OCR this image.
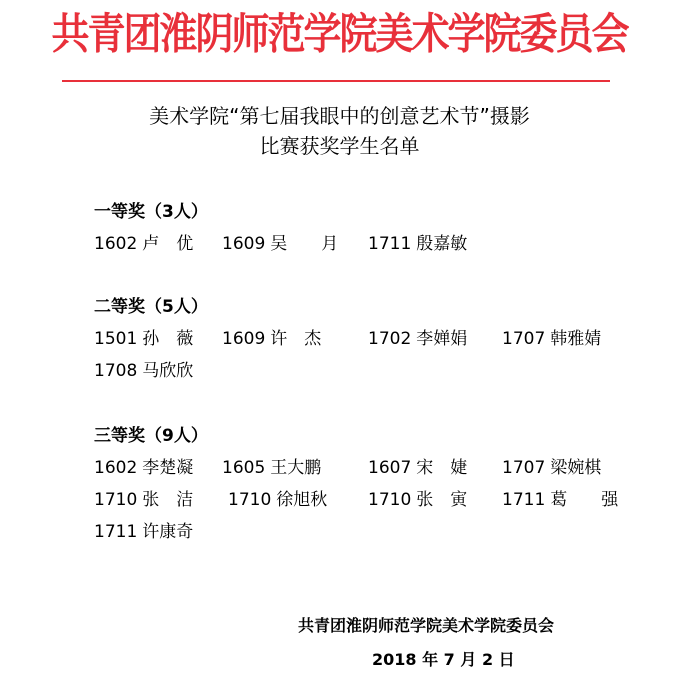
共青团淮阴师范学院美术学院委员会
美术学院“第七届我眼中的创意艺术节”摄影
比赛获奖学生名单
一等奖（3人）
1602 卢　优 1609 吴　　月 1711 殷嘉敏
二等奖（5人）
1501 孙　薇 1609 许　杰	1702 李婵娟 1707 韩雅婧
1708 马欣欣
三等奖（9人）
1602 李楚凝 1605 王大鹏	1607 宋　婕 1707 梁婉棋
1710 张　洁 1710 徐旭秋 1710 张　寅 1711 葛　　强
1711 许康奇
共青团淮阴师范学院美术学院委员会
2018 年 7 月 2 日
